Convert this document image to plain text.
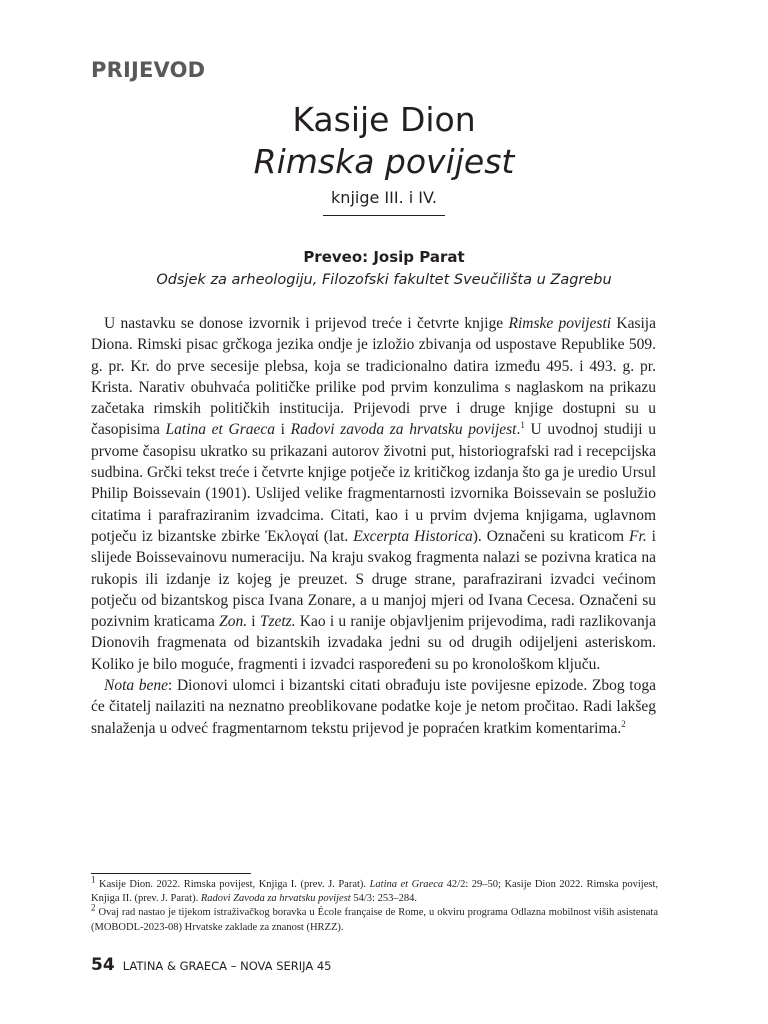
PRIJEVOD
Kasije Dion
Rimska povijest
knjige III. i IV.
Preveo: Josip Parat
Odsjek za arheologiju, Filozofski fakultet Sveučilišta u Zagrebu

U nastavku se donose izvornik i prijevod treće i četvrte knjige Rimske povijesti Kasija Diona. Rimski pisac grčkoga jezika ondje je izložio zbivanja od uspostave Republike 509. g. pr. Kr. do prve secesije plebsa, koja se tradicionalno datira između 495. i 493. g. pr. Krista. Narativ obuhvaća političke prilike pod prvim konzulima s naglaskom na prikazu začetaka rimskih političkih institucija. Prijevodi prve i druge knjige dostupni su u časopisima Latina et Graeca i Radovi zavoda za hrvatsku povijest.$^1$ U uvodnoj studiji u prvome časopisu ukratko su prikazani autorov životni put, historiografski rad i recepcijska sudbina. Grčki tekst treće i četvrte knjige potječe iz kritičkog izdanja što ga je uredio Ursul Philip Boissevain (1901). Uslijed velike fragmentarnosti izvornika Boissevain se poslužio citatima i parafraziranim izvadcima. Citati, kao i u prvim dvjema knjigama, uglavnom potječu iz bizantske zbirke Ἐκλογαί (lat. Excerpta Historica). Označeni su kraticom Fr. i slijede Boissevainovu numeraciju. Na kraju svakog fragmenta nalazi se pozivna kratica na rukopis ili izdanje iz kojeg je preuzet. S druge strane, parafrazirani izvadci većinom potječu od bizantskog pisca Ivana Zonare, a u manjoj mjeri od Ivana Cecesa. Označeni su pozivnim kraticama Zon. i Tzetz. Kao i u ranije objavljenim prijevodima, radi razlikovanja Dionovih fragmenata od bizantskih izvadaka jedni su od drugih odijeljeni asteriskom. Koliko je bilo moguće, fragmenti i izvadci raspoređeni su po kronološkom ključu.

Nota bene: Dionovi ulomci i bizantski citati obrađuju iste povijesne epizode. Zbog toga će čitatelj nailaziti na neznatno preoblikovane podatke koje je netom pročitao. Radi lakšeg snalaženja u odveć fragmentarnom tekstu prijevod je popraćen kratkim komentarima.$^2$

$^1$ Kasije Dion. 2022. Rimska povijest, Knjiga I. (prev. J. Parat). Latina et Graeca 42/2: 29–50; Kasije Dion 2022. Rimska povijest, Knjiga II. (prev. J. Parat). Radovi Zavoda za hrvatsku povijest 54/3: 253–284.

$^2$ Ovaj rad nastao je tijekom istraživačkog boravka u École française de Rome, u okviru programa Odlazna mobilnost viših asistenata (MOBODL-2023-08) Hrvatske zaklade za znanost (HRZZ).

54 LATINA & GRAECA – NOVA SERIJA 45
